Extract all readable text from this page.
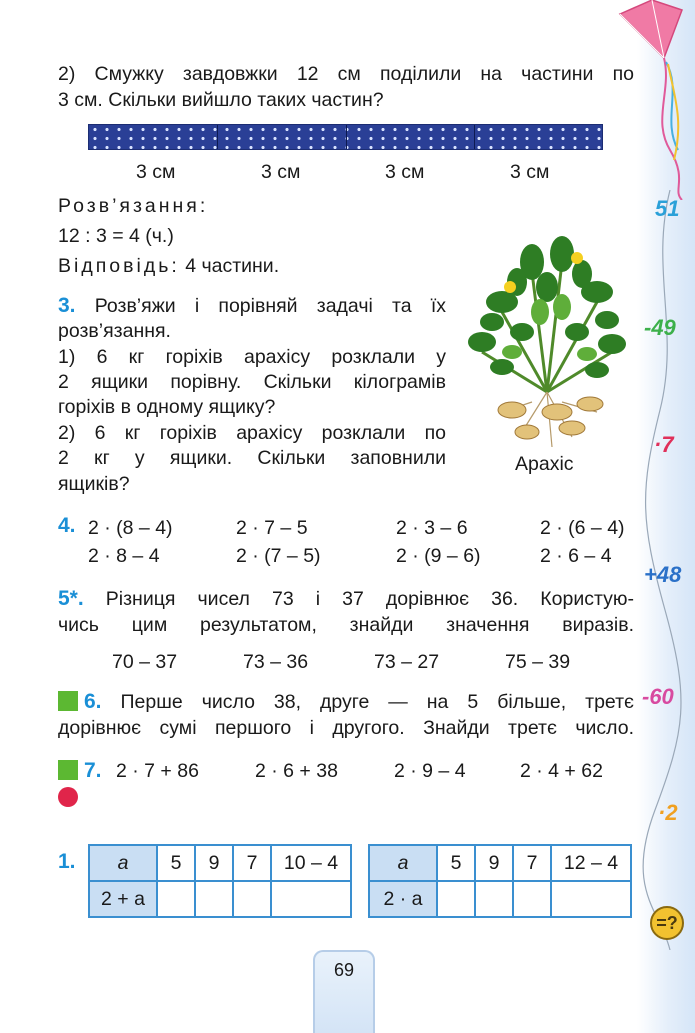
51
-49
·7
+48
-60
·2
=?
2) Смужку завдовжки 12 см поділили на частини по
3 см. Скільки вийшло таких частин?
3 см	3 см	3 см	3 см
Розв’язання:
12 : 3 = 4 (ч.)
Відповідь: 4 частини.
Арахіс
3. Розв’яжи і порівняй задачі та їх
розв’язання.
1) 6 кг горіхів арахісу розклали у
2 ящики порівну. Скільки кілограмів
горіхів в одному ящику?
2) 6 кг горіхів арахісу розклали по
2 кг у ящики. Скільки заповнили
ящиків?
4. 2 · (8 – 4)	2 · 7 – 5	2 · 3 – 6	2 · (6 – 4)
2 · 8 – 4	2 · (7 – 5)	2 · (9 – 6)	2 · 6 – 4
5*. Різниця чисел 73 і 37 дорівнює 36. Користую-
чись цим результатом, знайди значення виразів.
70 – 37	73 – 36	73 – 27	75 – 39
6. Перше число 38, друге — на 5 більше, третє
дорівнює сумі першого і другого. Знайди третє число.
7. 2 · 7 + 86	2 · 6 + 38	2 · 9 – 4	2 · 4 + 62
1. a	5	9	7	10 – 4
2 + a				
a	5	9	7	12 – 4
2 · a				
69
